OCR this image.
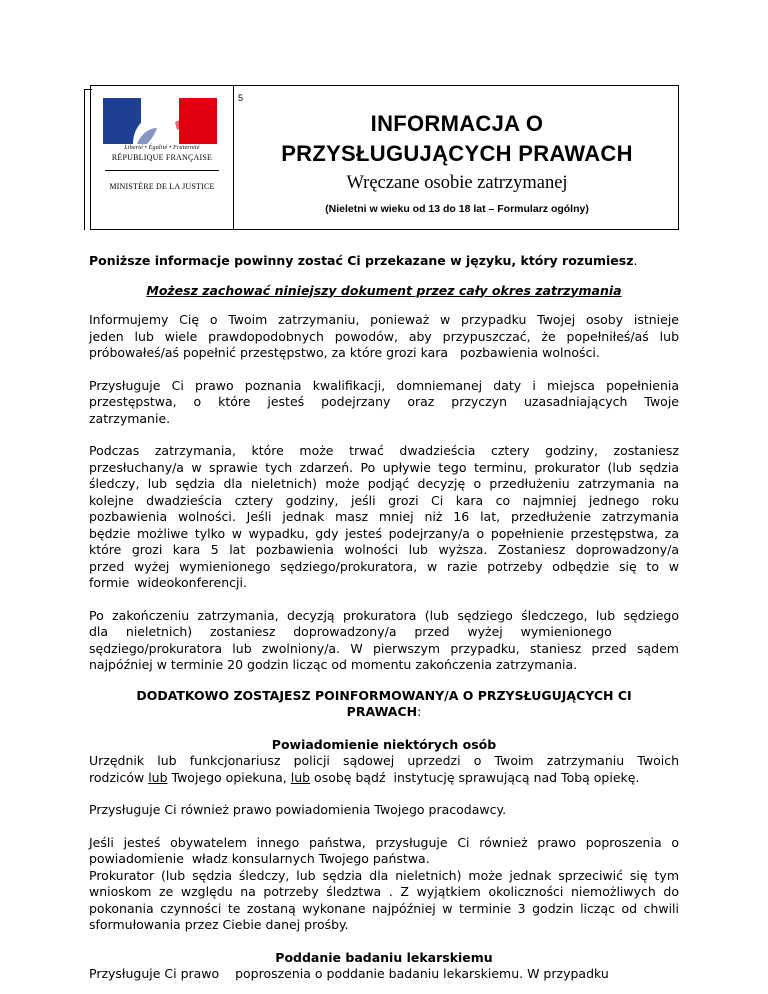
Liberté • Égalité • Fraternité
RÉPUBLIQUE FRANÇAISE
MINISTÈRE DE LA JUSTICE
5
INFORMACJA O
PRZYSŁUGUJĄCYCH PRAWACH
Wręczane osobie zatrzymanej
(Nieletni w wieku od 13 do 18 lat – Formularz ogólny)

Poniższe informacje powinny zostać Ci przekazane w języku, który rozumiesz.

Możesz zachować niniejszy dokument przez cały okres zatrzymania

Informujemy Cię o Twoim zatrzymaniu, ponieważ w przypadku Twojej osoby istnieje

jeden lub wiele prawdopodobnych powodów, aby przypuszczać, że popełniłeś/aś lub

próbowałeś/aś popełnić przestępstwo, za które grozi kara   pozbawienia wolności.

Przysługuje Ci prawo poznania kwalifikacji, domniemanej daty i miejsca popełnienia

przestępstwa, o które jesteś podejrzany oraz przyczyn uzasadniających Twoje

zatrzymanie.

Podczas zatrzymania, które może trwać dwadzieścia cztery godziny, zostaniesz

przesłuchany/a w sprawie tych zdarzeń. Po upływie tego terminu, prokurator (lub sędzia

śledczy, lub sędzia dla nieletnich) może podjąć decyzję o przedłużeniu zatrzymania na

kolejne dwadzieścia cztery godziny, jeśli grozi Ci kara co najmniej jednego roku

pozbawienia wolności. Jeśli jednak masz mniej niż 16 lat, przedłużenie zatrzymania

będzie możliwe tylko w wypadku, gdy jesteś podejrzany/a o popełnienie przestępstwa, za

które grozi kara 5 lat pozbawienia wolności lub wyższa. Zostaniesz doprowadzony/a

przed wyżej wymienionego sędziego/prokuratora, w razie potrzeby odbędzie się to w

formie  wideokonferencji.

Po zakończeniu zatrzymania, decyzją prokuratora (lub sędziego śledczego, lub sędziego

dla      nieletnich)      zostaniesz      doprowadzony/a      przed      wyżej      wymienionego

sędziego/prokuratora lub zwolniony/a. W pierwszym przypadku, staniesz przed sądem

najpóźniej w terminie 20 godzin licząc od momentu zakończenia zatrzymania.

DODATKOWO ZOSTAJESZ POINFORMOWANY/A O PRZYSŁUGUJĄCYCH CI

PRAWACH:

Powiadomienie niektórych osób

Urzędnik lub funkcjonariusz policji sądowej uprzedzi o Twoim zatrzymaniu Twoich

rodziców lub Twojego opiekuna, lub osobę bądź  instytucję sprawującą nad Tobą opiekę.

Przysługuje Ci również prawo powiadomienia Twojego pracodawcy.

Jeśli jesteś obywatelem innego państwa, przysługuje Ci również prawo poproszenia o

powiadomienie  władz konsularnych Twojego państwa.

Prokurator (lub sędzia śledczy, lub sędzia dla nieletnich) może jednak sprzeciwić się tym

wnioskom ze względu na potrzeby śledztwa . Z wyjątkiem okoliczności niemożliwych do

pokonania czynności te zostaną wykonane najpóźniej w terminie 3 godzin licząc od chwili

sformułowania przez Ciebie danej prośby.

Poddanie badaniu lekarskiemu

Przysługuje Ci prawo    poproszenia o poddanie badaniu lekarskiemu. W przypadku
